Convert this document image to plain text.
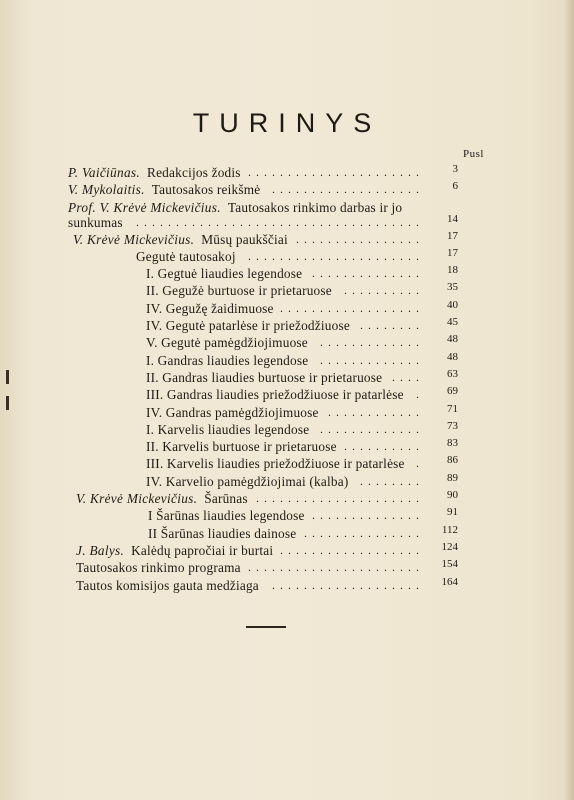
TURINYS
Pusl
P. Vaičiūnas. Redakcijos žodis ......................	3
V. Mykolaitis. Tautosakos reikšmė ...................	6
Prof. V. Krėvė Mickevičius. Tautosakos rinkimo darbas ir jo
sunkumas ....................................	14
V. Krėvė Mickevičius. Mūsų paukščiai ................	17
Gegutė tautosakoj ......................	17
I. Gegtuė liaudies legendose ..............	18
II. Gegužė burtuose ir prietaruose ..........	35
IV. Gegužę žaidimuose ..................	40
IV. Gegutė patarlėse ir priežodžiuose ........	45
V. Gegutė pamėgdžiojimuose .............	48
I. Gandras liaudies legendose .............	48
II. Gandras liaudies burtuose ir prietaruose ....	63
III. Gandras liaudies priežodžiuose ir patarlėse .	69
IV. Gandras pamėgdžiojimuose ............	71
I. Karvelis liaudies legendose .............	73
II. Karvelis burtuose ir prietaruose ..........	83
III. Karvelis liaudies priežodžiuose ir patarlėse .	86
IV. Karvelio pamėgdžiojimai (kalba) ........	89
V. Krėvė Mickevičius. Šarūnas .....................	90
I Šarūnas liaudies legendose ..............	91
II Šarūnas liaudies dainose ...............	112
J. Balys. Kalėdų papročiai ir burtai ..................	124
Tautosakos rinkimo programa ......................	154
Tautos komisijos gauta medžiaga ...................	164
